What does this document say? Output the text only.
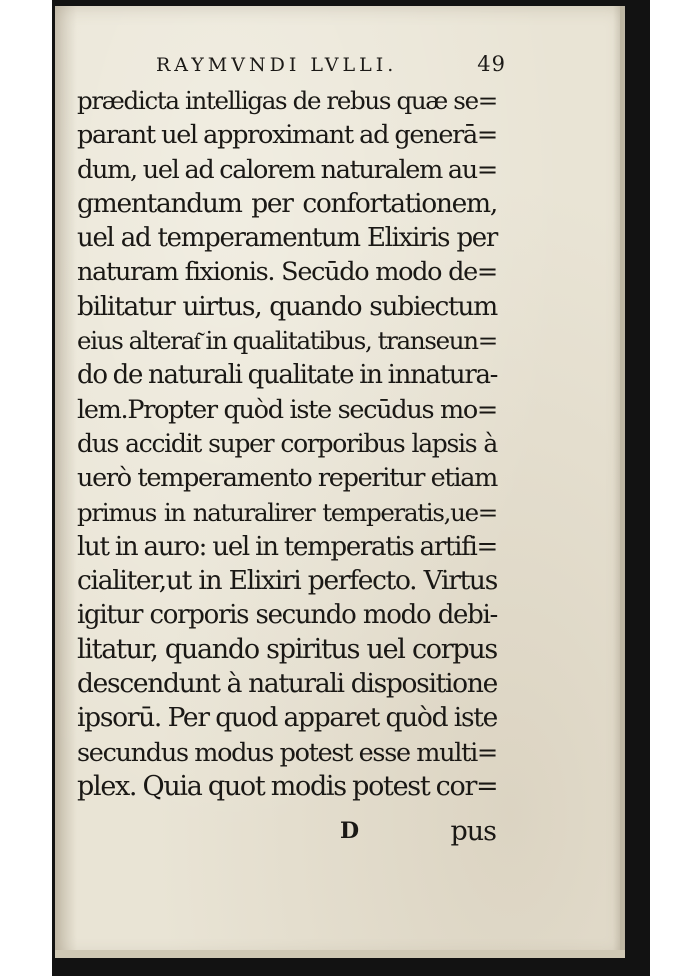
RAYMVNDI LVLLI.	49
prædicta intelligas de rebus quæ se=
parant uel approximant ad generā=
dum, uel ad calorem naturalem au=
gmentandum per confortationem,
uel ad temperamentum Elixiris per
naturam fixionis. Secūdo modo de=
bilitatur uirtus, quando subiectum
eius alterat͂ in qualitatibus, transeun=
do de naturali qualitate in innatura-
lem.Propter quòd iste secūdus mo=
dus accidit super corporibus lapsis à
uerò temperamento reperitur etiam
primus in naturalirer temperatis,ue=
lut in auro: uel in temperatis artifi=
cialiter,ut in Elixiri perfecto. Virtus
igitur corporis secundo modo debi-
litatur, quando spiritus uel corpus
descendunt à naturali dispositione
ipsorū. Per quod apparet quòd iste
secundus modus potest esse multi=
plex. Quia quot modis potest cor=
D	pus
